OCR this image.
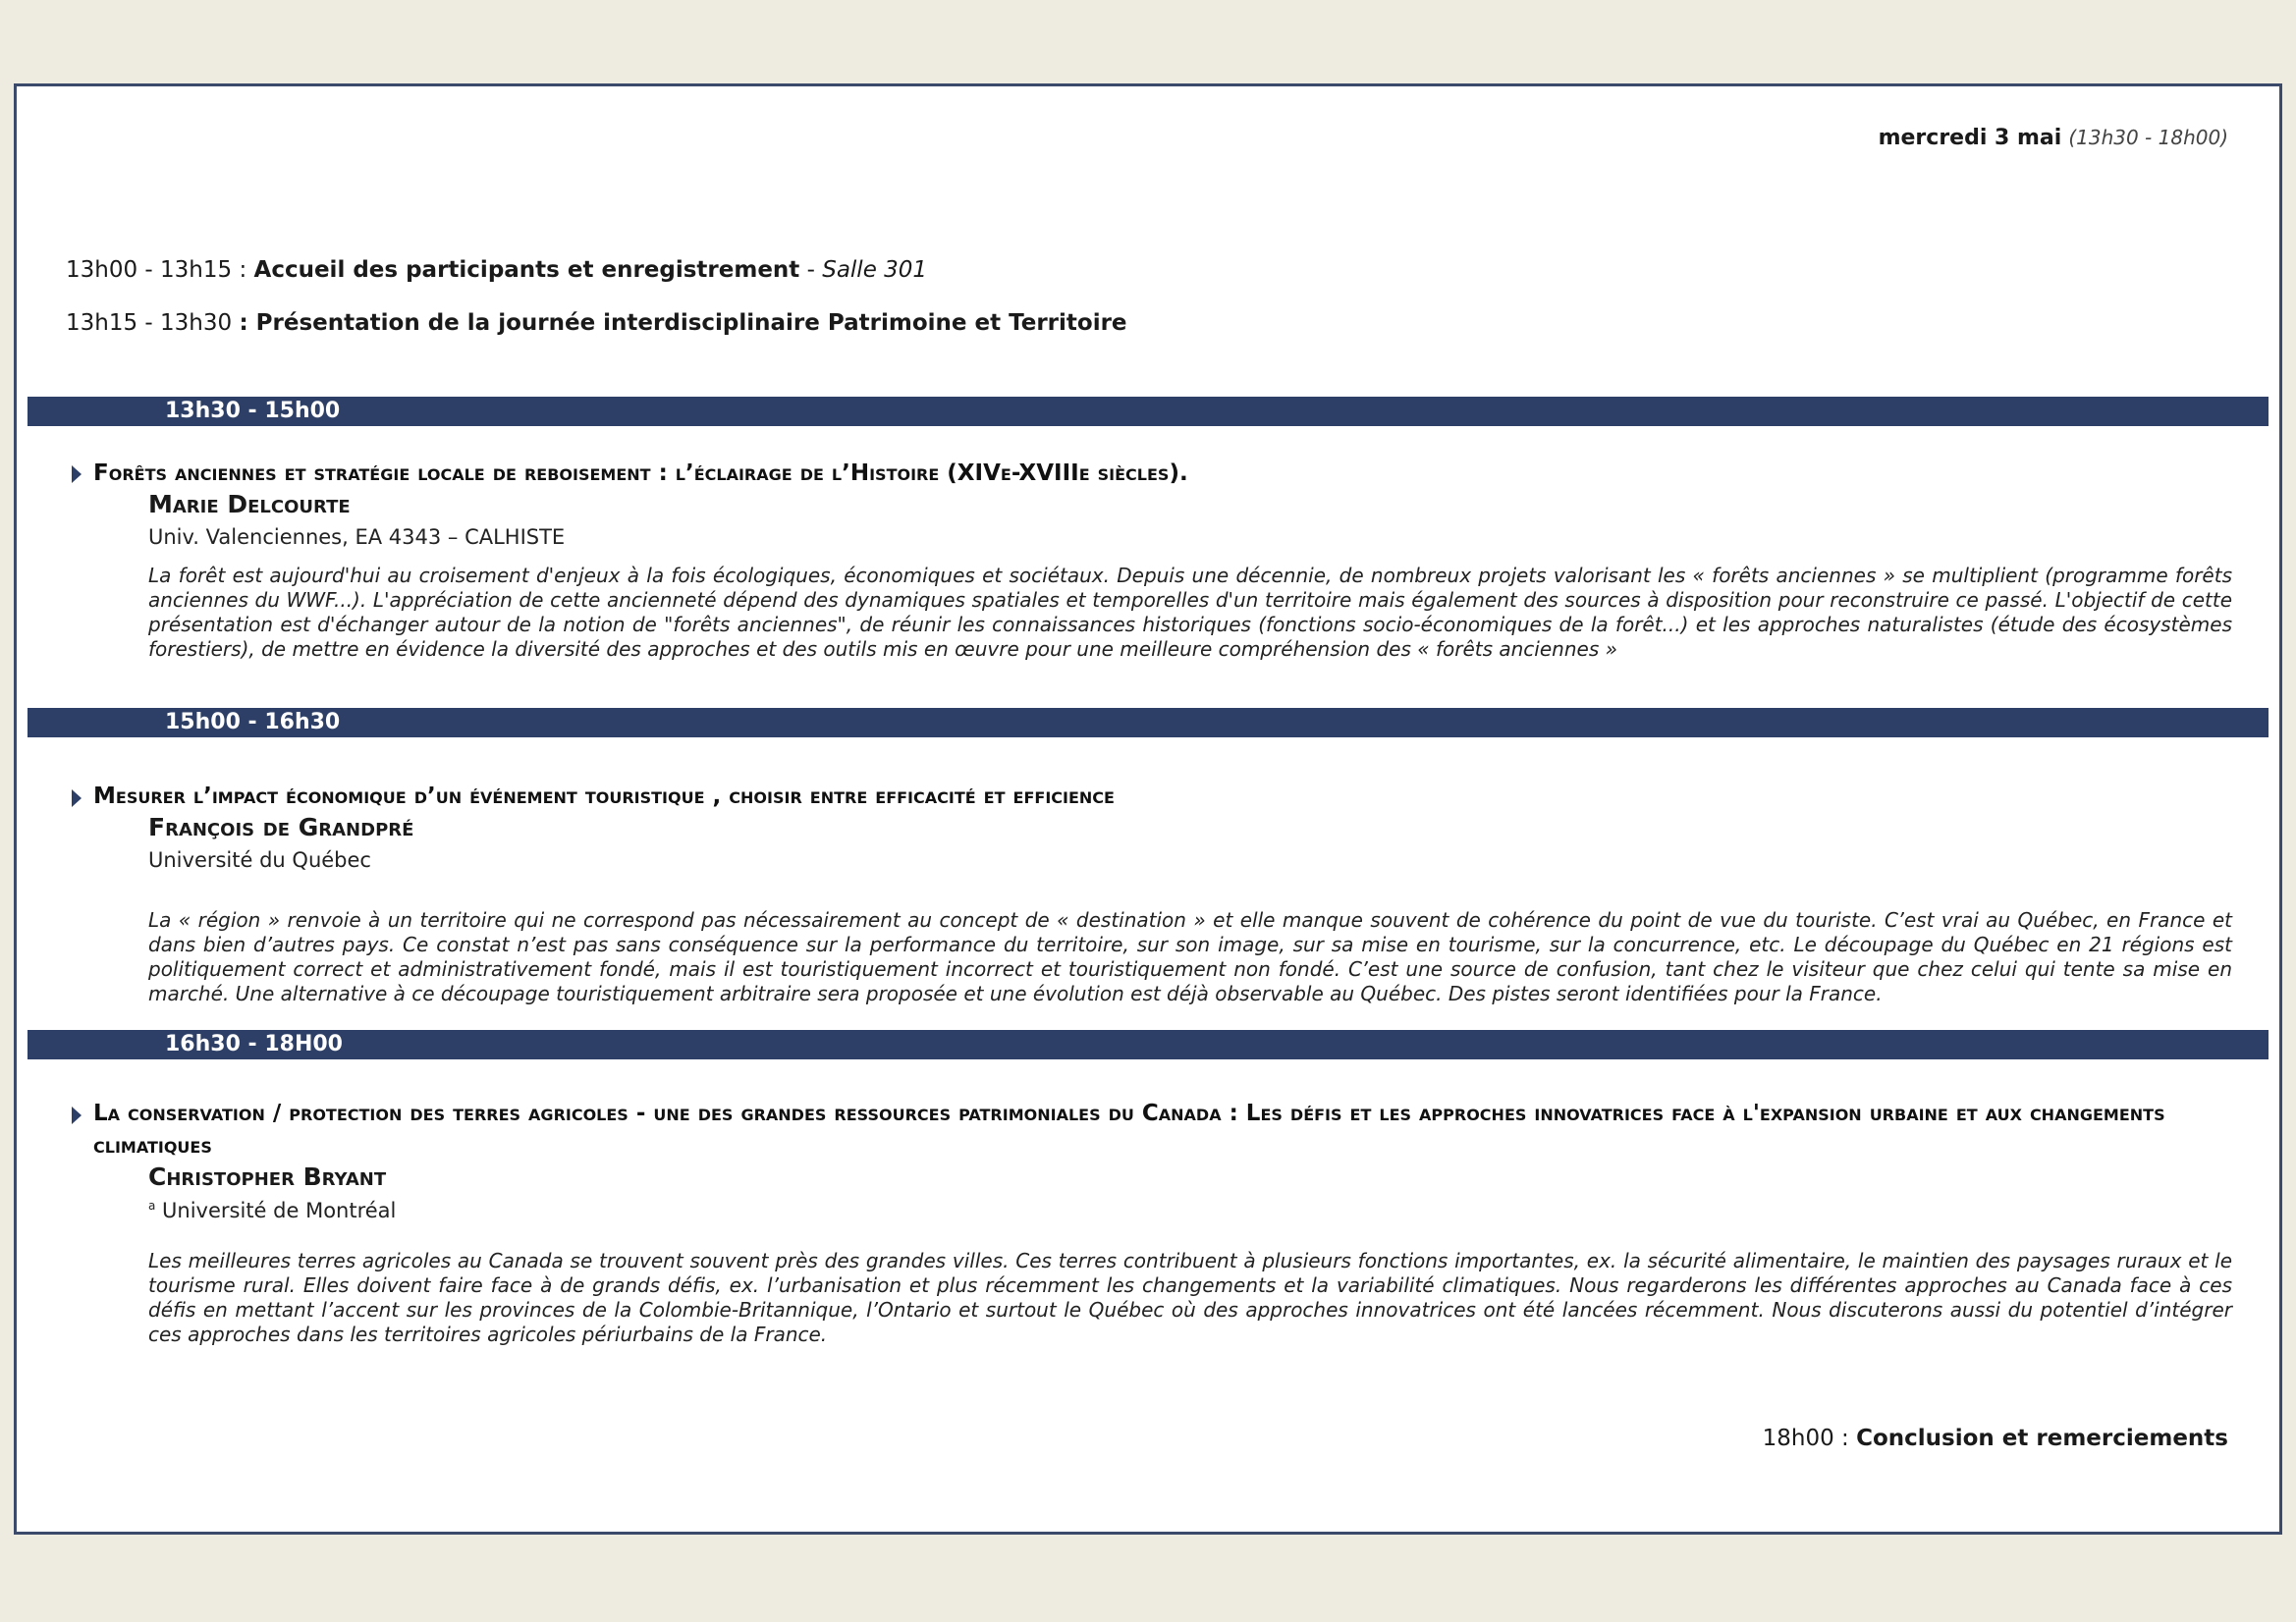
mercredi 3 mai (13h30 - 18h00)
13h00 - 13h15 : Accueil des participants et enregistrement - Salle 301
13h15 - 13h30 : Présentation de la journée interdisciplinaire Patrimoine et Territoire
13h30 - 15h00
Forêts anciennes et stratégie locale de reboisement : l’éclairage de l’Histoire (XIVe-XVIIIe siècles).
Marie Delcourte
Univ. Valenciennes, EA 4343 – CALHISTE
La forêt est aujourd'hui au croisement d'enjeux à la fois écologiques, économiques et sociétaux. Depuis une décennie, de nombreux projets valorisant les « forêts anciennes » se multiplient (programme forêts anciennes du WWF...). L'appréciation de cette ancienneté dépend des dynamiques spatiales et temporelles d'un territoire mais également des sources à disposition pour reconstruire ce passé. L'objectif de cette présentation est d'échanger autour de la notion de "forêts anciennes", de réunir les connaissances historiques (fonctions socio-économiques de la forêt...) et les approches naturalistes (étude des écosystèmes forestiers), de mettre en évidence la diversité des approches et des outils mis en œuvre pour une meilleure compréhension des « forêts anciennes »
15h00 - 16h30
Mesurer l’impact économique d’un événement touristique , choisir entre efficacité et efficience
François de Grandpré
Université du Québec
La « région » renvoie à un territoire qui ne correspond pas nécessairement au concept de « destination » et elle manque souvent de cohérence du point de vue du touriste. C’est vrai au Québec, en France et dans bien d’autres pays. Ce constat n’est pas sans conséquence sur la performance du territoire, sur son image, sur sa mise en tourisme, sur la concurrence, etc. Le découpage du Québec en 21 régions est politiquement correct et administrativement fondé, mais il est touristiquement incorrect et touristiquement non fondé. C’est une source de confusion, tant chez le visiteur que chez celui qui tente sa mise en marché. Une alternative à ce découpage touristiquement arbitraire sera proposée et une évolution est déjà observable au Québec. Des pistes seront identifiées pour la France.
16h30 - 18H00
La conservation / protection des terres agricoles - une des grandes ressources patrimoniales du Canada : Les défis et les approches innovatrices face à l'expansion urbaine et aux changements climatiques
Christopher Bryant
$^a$ Université de Montréal
Les meilleures terres agricoles au Canada se trouvent souvent près des grandes villes. Ces terres contribuent à plusieurs fonctions importantes, ex. la sécurité alimentaire, le maintien des paysages ruraux et le tourisme rural. Elles doivent faire face à de grands défis, ex. l’urbanisation et plus récemment les changements et la variabilité climatiques. Nous regarderons les différentes approches au Canada face à ces défis en mettant l’accent sur les provinces de la Colombie-Britannique, l’Ontario et surtout le Québec où des approches innovatrices ont été lancées récemment. Nous discuterons aussi du potentiel d’intégrer ces approches dans les territoires agricoles périurbains de la France.
18h00 : Conclusion et remerciements
